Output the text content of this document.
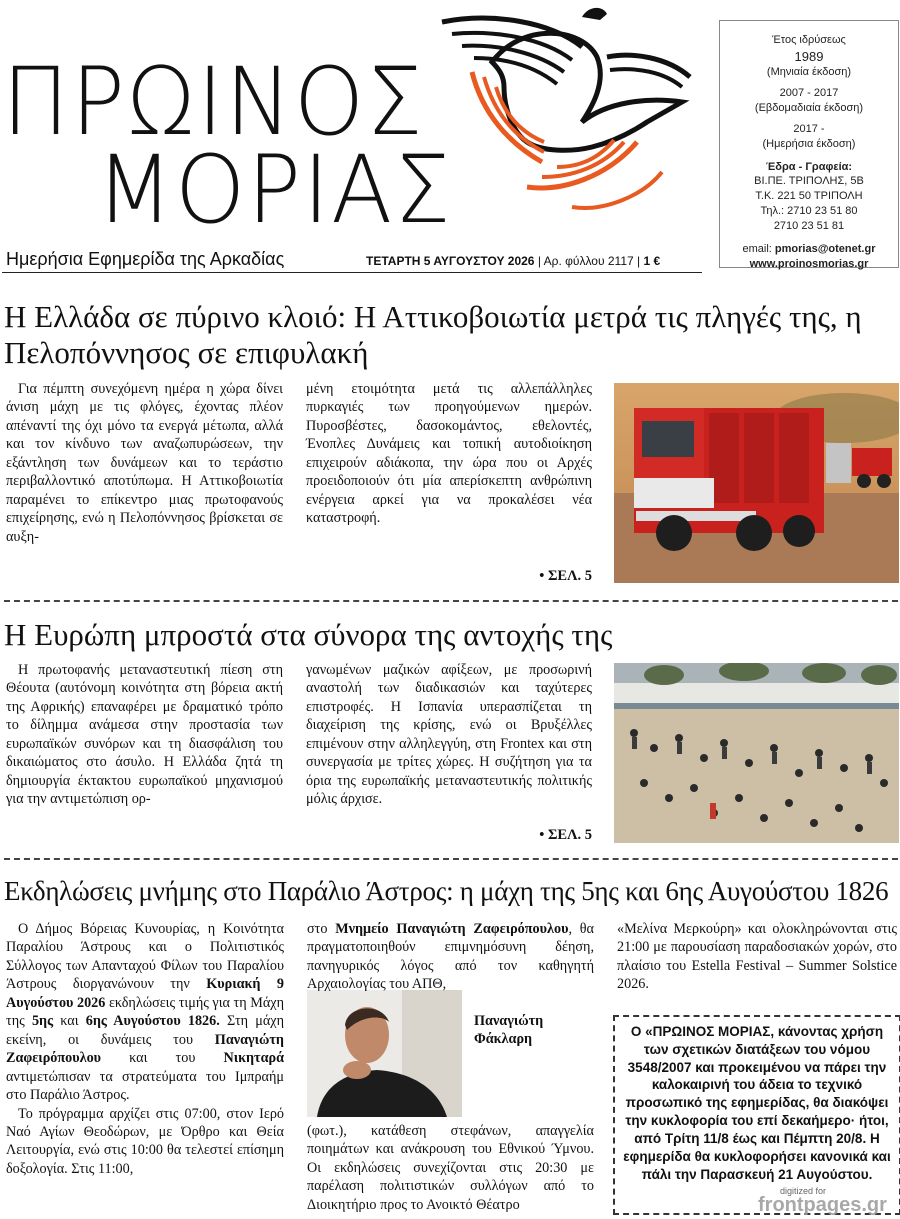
ΠΡΩΙΝΟΣ
ΜΟΡΙΑΣ
Έτος ιδρύσεως
1989
(Μηνιαία έκδοση)
2007 - 2017
(Εβδομαδιαία έκδοση)
2017 -
(Ημερήσια έκδοση)
Έδρα - Γραφεία:
ΒΙ.ΠΕ. ΤΡΙΠΟΛΗΣ, 5Β
Τ.Κ. 221 50 ΤΡΙΠΟΛΗ
Τηλ.: 2710 23 51 80
2710 23 51 81
email: pmorias@otenet.gr
www.proinosmorias.gr
Ημερήσια Εφημερίδα της Αρκαδίας	ΤΕΤΑΡΤΗ 5 ΑΥΓΟΥΣΤΟΥ 2026 | Αρ. φύλλου 2117 | 1 €
Η Ελλάδα σε πύρινο κλοιό: Η Αττικοβοιωτία μετρά τις πληγές της, η Πελοπόννησος σε επιφυλακή

Για πέμπτη συνεχόμενη ημέρα η χώρα δίνει άνιση μάχη με τις φλόγες, έχοντας πλέον απέναντί της όχι μόνο τα ενεργά μέτωπα, αλλά και τον κίνδυνο των αναζωπυρώσεων, την εξάντληση των δυνάμεων και το τεράστιο περιβαλλοντικό αποτύπωμα. Η Αττικοβοιωτία παραμένει το επίκεντρο μιας πρωτοφανούς επιχείρησης, ενώ η Πελοπόννησος βρίσκεται σε αυξη-

μένη ετοιμότητα μετά τις αλλεπάλληλες πυρκαγιές των προηγούμενων ημερών. Πυροσβέστες, δασοκομάντος, εθελοντές, Ένοπλες Δυνάμεις και τοπική αυτοδιοίκηση επιχειρούν αδιάκοπα, την ώρα που οι Αρχές προειδοποιούν ότι μία απερίσκεπτη ανθρώπινη ενέργεια αρκεί για να προκαλέσει νέα καταστροφή.

• ΣΕΛ. 5
Η Ευρώπη μπροστά στα σύνορα της αντοχής της

Η πρωτοφανής μεταναστευτική πίεση στη Θέουτα (αυτόνομη κοινότητα στη βόρεια ακτή της Αφρικής) επαναφέρει με δραματικό τρόπο το δίλημμα ανάμεσα στην προστασία των ευρωπαϊκών συνόρων και τη διασφάλιση του δικαιώματος στο άσυλο. Η Ελλάδα ζητά τη δημιουργία έκτακτου ευρωπαϊκού μηχανισμού για την αντιμετώπιση ορ-

γανωμένων μαζικών αφίξεων, με προσωρινή αναστολή των διαδικασιών και ταχύτερες επιστροφές. Η Ισπανία υπερασπίζεται τη διαχείριση της κρίσης, ενώ οι Βρυξέλλες επιμένουν στην αλληλεγγύη, στη Frontex και στη συνεργασία με τρίτες χώρες. Η συζήτηση για τα όρια της ευρωπαϊκής μεταναστευτικής πολιτικής μόλις άρχισε.

• ΣΕΛ. 5
Εκδηλώσεις μνήμης στο Παράλιο Άστρος: η μάχη της 5ης και 6ης Αυγούστου 1826

Ο Δήμος Βόρειας Κυνουρίας, η Κοινότητα Παραλίου Άστρους και ο Πολιτιστικός Σύλλογος των Απανταχού Φίλων του Παραλίου Άστρους διοργανώνουν την Κυριακή 9 Αυγούστου 2026 εκδηλώσεις τιμής για τη Μάχη της 5ης και 6ης Αυγούστου 1826. Στη μάχη εκείνη, οι δυνάμεις του Παναγιώτη Ζαφειρόπουλου και του Νικηταρά αντιμετώπισαν τα στρατεύματα του Ιμπραήμ στο Παράλιο Άστρος.

Το πρόγραμμα αρχίζει στις 07:00, στον Ιερό Ναό Αγίων Θεοδώρων, με Όρθρο και Θεία Λειτουργία, ενώ στις 10:00 θα τελεστεί επίσημη δοξολογία. Στις 11:00,

στο Μνημείο Παναγιώτη Ζαφειρόπουλου, θα πραγματοποιηθούν επιμνημόσυνη δέηση, πανηγυρικός λόγος από τον καθηγητή Αρχαιολογίας του ΑΠΘ,

Παναγιώτη Φάκλαρη

(φωτ.), κατάθεση στεφάνων, απαγγελία ποιημάτων και ανάκρουση του Εθνικού Ύμνου. Οι εκδηλώσεις συνεχίζονται στις 20:30 με παρέλαση πολιτιστικών συλλόγων από το Διοικητήριο προς το Ανοικτό Θέατρο

«Μελίνα Μερκούρη» και ολοκληρώνονται στις 21:00 με παρουσίαση παραδοσιακών χορών, στο πλαίσιο του Estella Festival – Summer Solstice 2026.

Ο «ΠΡΩΙΝΟΣ ΜΟΡΙΑΣ, κάνοντας χρήση των σχετικών διατάξεων του νόμου 3548/2007 και προκειμένου να πάρει την καλοκαιρινή του άδεια το τεχνικό προσωπικό της εφημερίδας, θα διακόψει την κυκλοφορία του επί δεκαήμερο· ήτοι, από Τρίτη 11/8 έως και Πέμπτη 20/8. Η εφημερίδα θα κυκλοφορήσει κανονικά και πάλι την Παρασκευή 21 Αυγούστου.
digitized for
frontpages.gr
